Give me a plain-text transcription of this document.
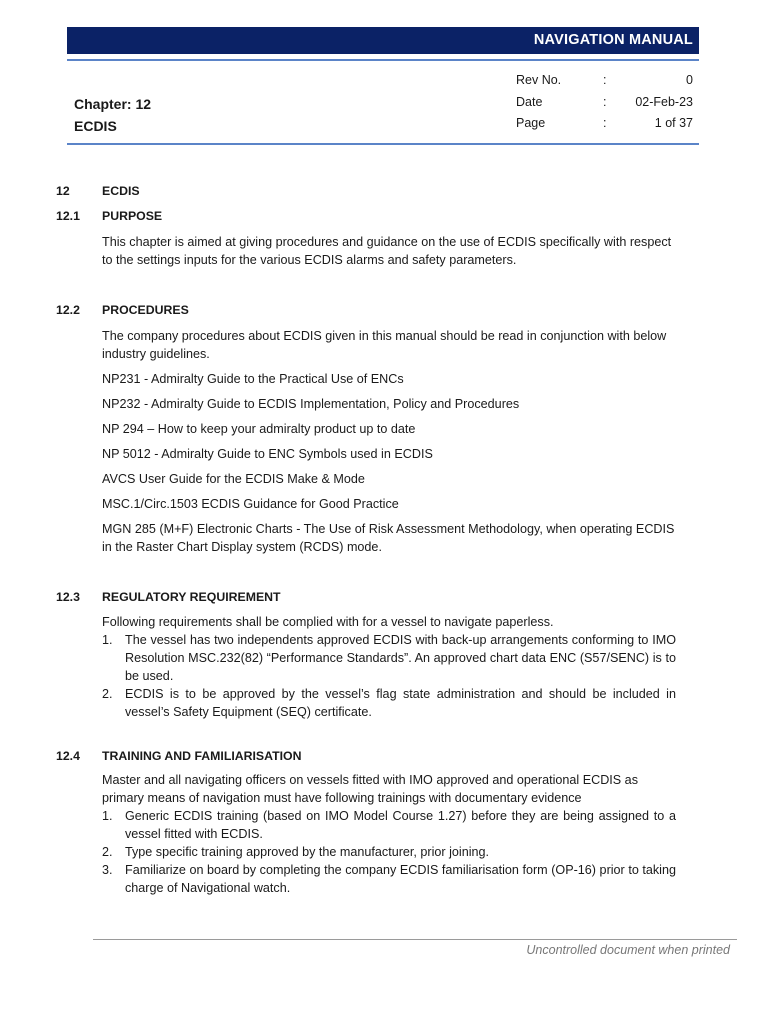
NAVIGATION MANUAL
Chapter: 12
ECDIS
Rev No.	:	0
Date	: 02-Feb-23
Page	:	1 of 37
12	ECDIS
12.1	PURPOSE
This chapter is aimed at giving procedures and guidance on the use of ECDIS specifically with respect to the settings inputs for the various ECDIS alarms and safety parameters.
12.2	PROCEDURES
The company procedures about ECDIS given in this manual should be read in conjunction with below industry guidelines.
NP231 - Admiralty Guide to the Practical Use of ENCs
NP232 - Admiralty Guide to ECDIS Implementation, Policy and Procedures
NP 294 – How to keep your admiralty product up to date
NP 5012 - Admiralty Guide to ENC Symbols used in ECDIS
AVCS User Guide for the ECDIS Make & Mode
MSC.1/Circ.1503 ECDIS Guidance for Good Practice
MGN 285 (M+F) Electronic Charts - The Use of Risk Assessment Methodology, when operating ECDIS in the Raster Chart Display system (RCDS) mode.
12.3	REGULATORY REQUIREMENT
Following requirements shall be complied with for a vessel to navigate paperless.
1. The vessel has two independents approved ECDIS with back-up arrangements conforming to IMO Resolution MSC.232(82) “Performance Standards”. An approved chart data ENC (S57/SENC) is to be used.
2. ECDIS is to be approved by the vessel’s flag state administration and should be included in vessel’s Safety Equipment (SEQ) certificate.
12.4	TRAINING AND FAMILIARISATION
Master and all navigating officers on vessels fitted with IMO approved and operational ECDIS as primary means of navigation must have following trainings with documentary evidence
1. Generic ECDIS training (based on IMO Model Course 1.27) before they are being assigned to a vessel fitted with ECDIS.
2. Type specific training approved by the manufacturer, prior joining.
3. Familiarize on board by completing the company ECDIS familiarisation form (OP-16) prior to taking charge of Navigational watch.
Uncontrolled document when printed
